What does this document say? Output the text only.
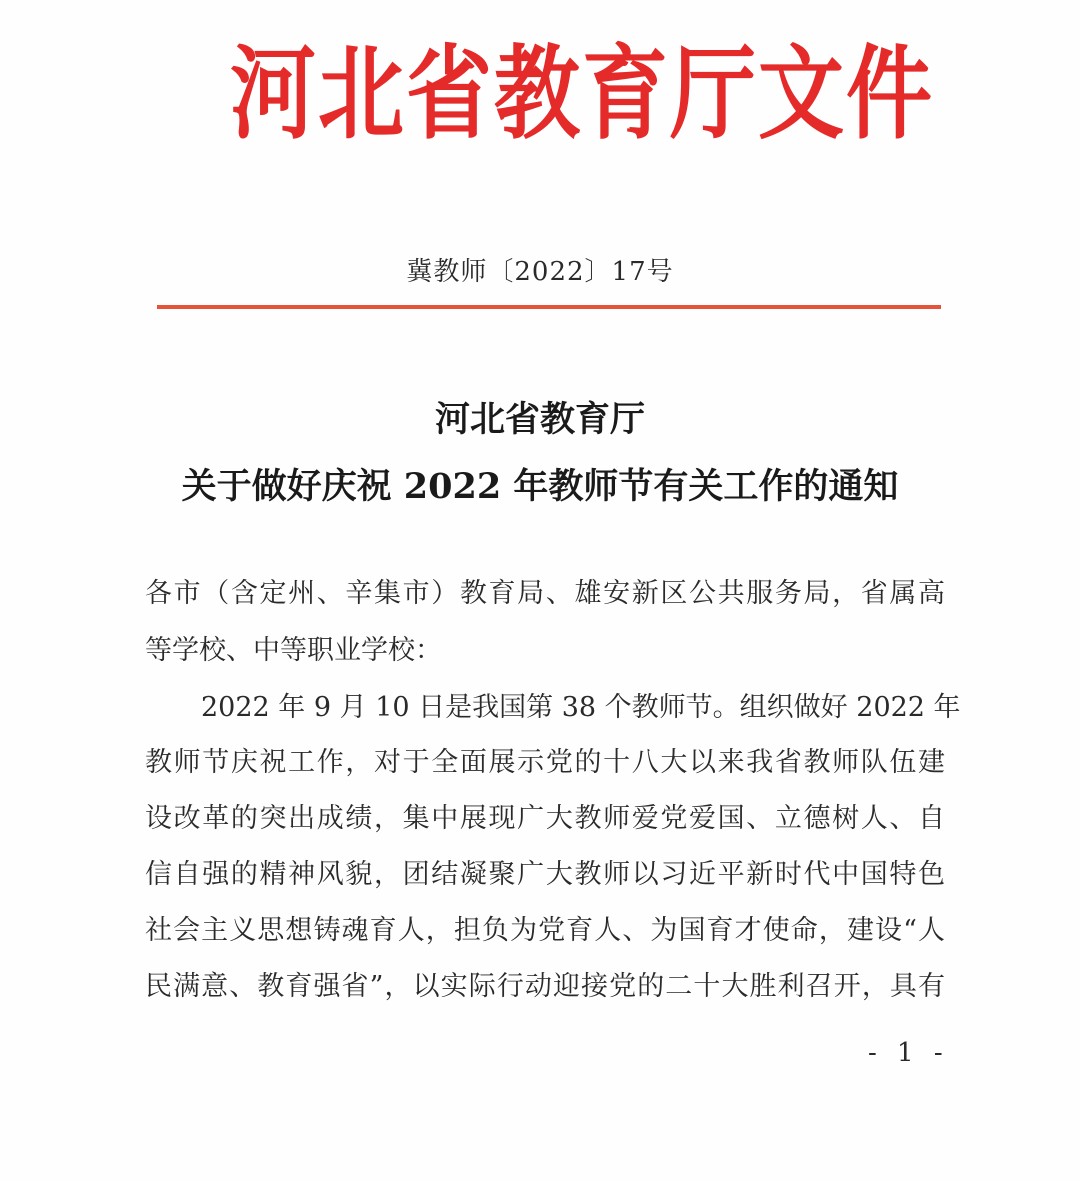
河北省教育厅文件
冀教师〔2022〕17号
河北省教育厅
关于做好庆祝 2022 年教师节有关工作的通知
各市（含定州、辛集市）教育局、雄安新区公共服务局，省属高
等学校、中等职业学校：
2022 年 9 月 10 日是我国第 38 个教师节。组织做好 2022 年
教师节庆祝工作，对于全面展示党的十八大以来我省教师队伍建
设改革的突出成绩，集中展现广大教师爱党爱国、立德树人、自
信自强的精神风貌，团结凝聚广大教师以习近平新时代中国特色
社会主义思想铸魂育人，担负为党育人、为国育才使命，建设“人
民满意、教育强省”，以实际行动迎接党的二十大胜利召开，具有
- 1 -
